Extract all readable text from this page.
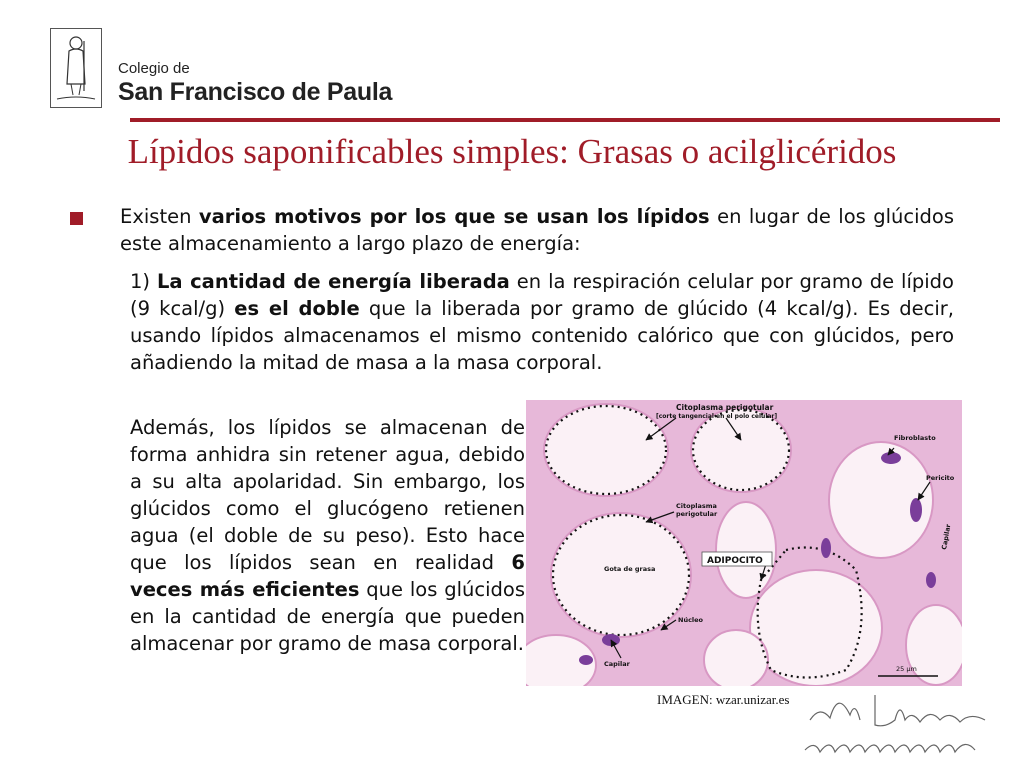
Colegio de
San Francisco de Paula
Lípidos saponificables simples: Grasas o acilglicéridos
Existen varios motivos por los que se usan los lípidos en lugar de los glúcidos este almacenamiento a largo plazo de energía:
1) La cantidad de energía liberada en la respiración celular por gramo de lípido (9 kcal/g) es el doble que la liberada por gramo de glúcido (4 kcal/g). Es decir, usando lípidos almacenamos el mismo contenido calórico que con glúcidos, pero añadiendo la mitad de masa a la masa corporal.
Además, los lípidos se almacenan de forma anhidra sin retener agua, debido a su alta apolaridad. Sin embargo, los glúcidos como el glucógeno retienen agua (el doble de su peso). Esto hace que los lípidos sean en realidad 6 veces más eficientes que los glúcidos en la cantidad de energía que pueden almacenar por gramo de masa corporal.
Citoplasma perigotular
[corte tangencial en el polo celular]
Fibroblasto
Pericito
Capilar
Citoplasma
perigotular
ADIPOCITO
Gota de grasa
Núcleo
Capilar
25 µm
IMAGEN: wzar.unizar.es
